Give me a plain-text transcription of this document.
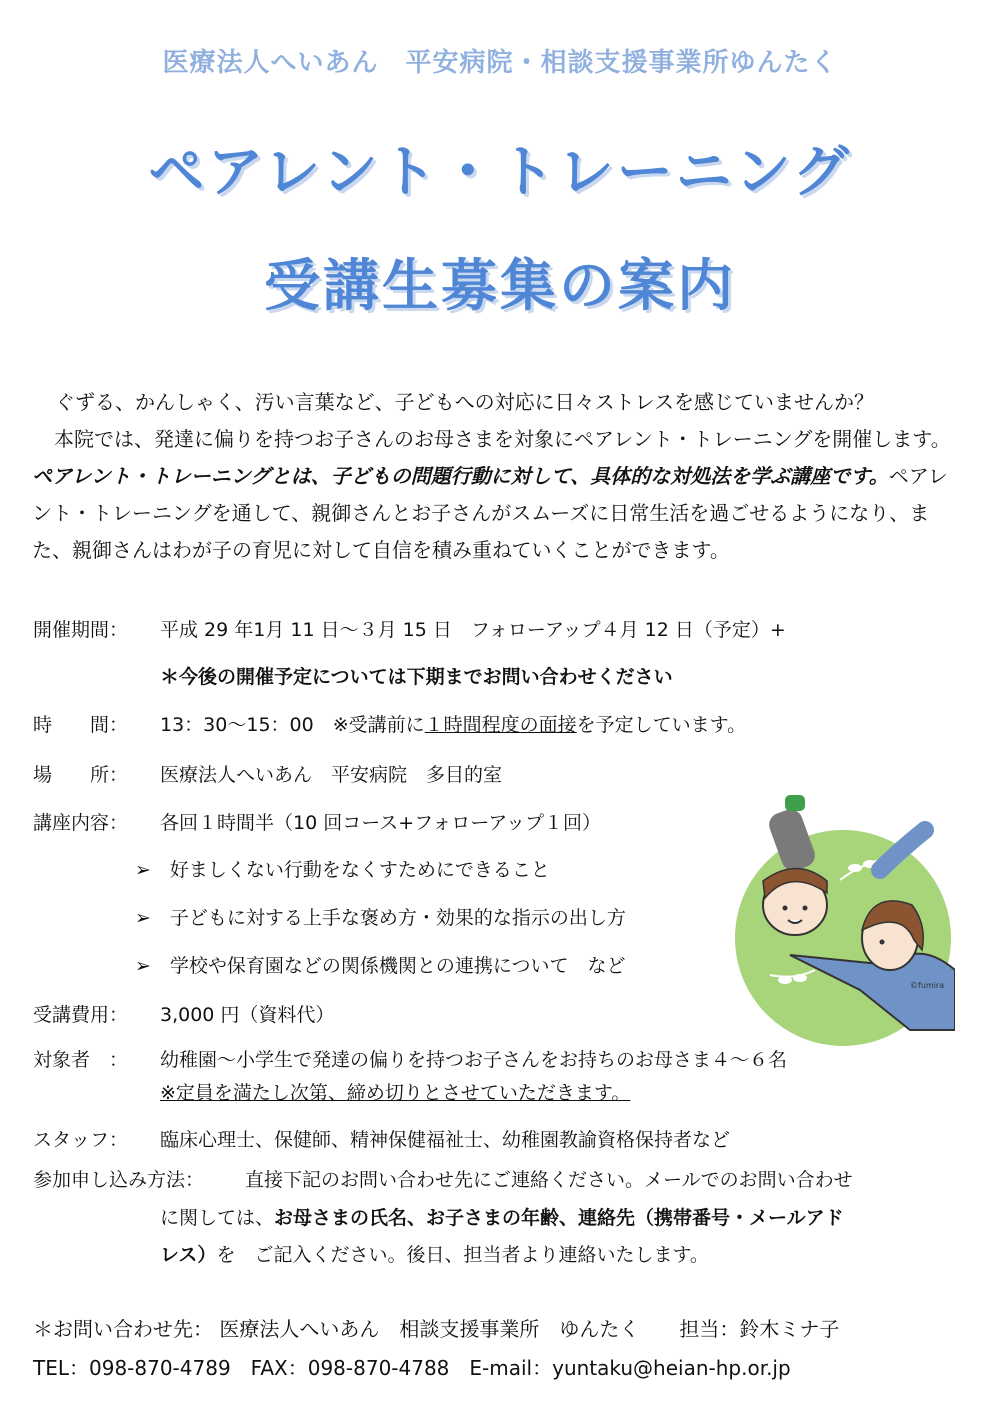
医療法人へいあん　平安病院・相談支援事業所ゆんたく
ペアレント・トレーニング
受講生募集の案内
ぐずる、かんしゃく、汚い言葉など、子どもへの対応に日々ストレスを感じていませんか？
本院では、発達に偏りを持つお子さんのお母さまを対象にペアレント・トレーニングを開催します。ペアレント・トレーニングとは、子どもの問題行動に対して、具体的な対処法を学ぶ講座です。ペアレント・トレーニングを通して、親御さんとお子さんがスムーズに日常生活を過ごせるようになり、また、親御さんはわが子の育児に対して自信を積み重ねていくことができます。
開催期間： 平成 29 年1月 11 日～３月 15 日　フォローアップ４月 12 日（予定）+
＊今後の開催予定については下期までお問い合わせください
時　　間： 13：30～15：00　※受講前に１時間程度の面接を予定しています。
場　　所： 医療法人へいあん　平安病院　多目的室
講座内容： 各回１時間半（10 回コース+フォローアップ１回）
➢　好ましくない行動をなくすためにできること
➢　子どもに対する上手な褒め方・効果的な指示の出し方
➢　学校や保育園などの関係機関との連携について　など
受講費用： 3,000 円（資料代）
対象者　： 幼稚園～小学生で発達の偏りを持つお子さんをお持ちのお母さま４～６名
※定員を満たし次第、締め切りとさせていただきます。
スタッフ： 臨床心理士、保健師、精神保健福祉士、幼稚園教諭資格保持者など
参加申し込み方法： 直接下記のお問い合わせ先にご連絡ください。メールでのお問い合わせ
に関しては、お母さまの氏名、お子さまの年齢、連絡先（携帯番号・メールアド
レス）を　ご記入ください。後日、担当者より連絡いたします。
＊お問い合わせ先： 医療法人へいあん　相談支援事業所　ゆんたく　　担当：鈴木ミナ子
TEL：098-870-4789　FAX：098-870-4788　E-mail：yuntaku@heian-hp.or.jp
©fumira
